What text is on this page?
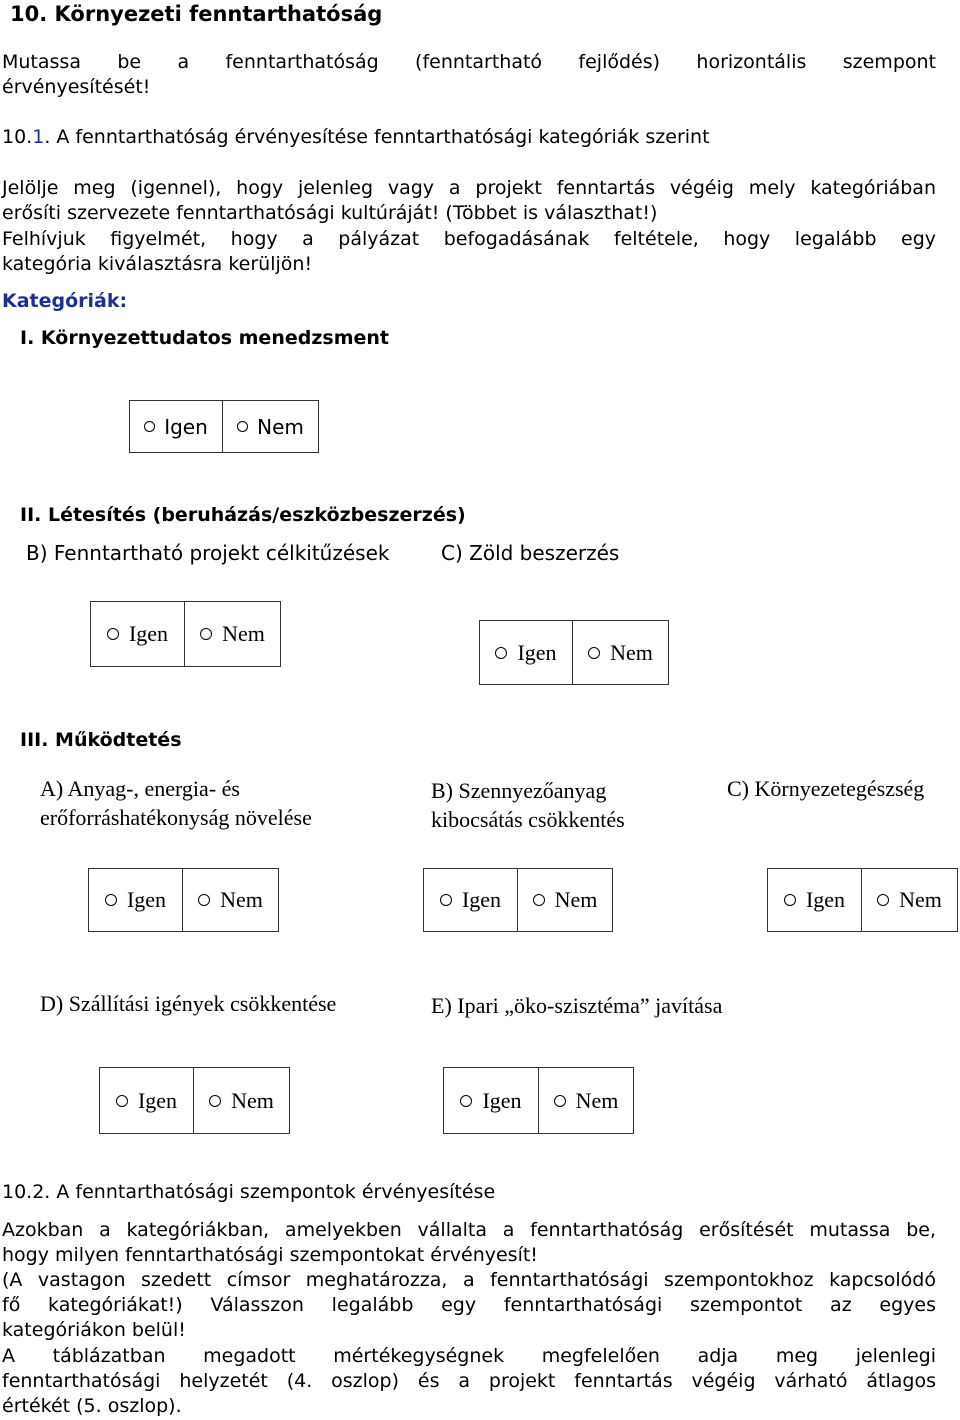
10. Környezeti fenntarthatóság
Mutassa be a fenntarthatóság (fenntartható fejlődés) horizontális szempont
érvényesítését!
10.1. A fenntarthatóság érvényesítése fenntarthatósági kategóriák szerint
Jelölje meg (igennel), hogy jelenleg vagy a projekt fenntartás végéig mely kategóriában
erősíti szervezete fenntarthatósági kultúráját! (Többet is választhat!)
Felhívjuk figyelmét, hogy a pályázat befogadásának feltétele, hogy legalább egy
kategória kiválasztásra kerüljön!
Kategóriák:
I. Környezettudatos menedzsment
Igen Nem
II. Létesítés (beruházás/eszközbeszerzés)
B) Fenntartható projekt célkitűzések	C) Zöld beszerzés
Igen Nem
Igen Nem
III. Működtetés
A) Anyag-, energia- és
erőforráshatékonyság növelése
B) Szennyezőanyag
kibocsátás csökkentés
C) Környezetegészség
Igen Nem	Igen Nem	Igen Nem
D) Szállítási igények csökkentése	E) Ipari „öko-szisztéma” javítása
Igen Nem	Igen Nem
10.2. A fenntarthatósági szempontok érvényesítése
Azokban a kategóriákban, amelyekben vállalta a fenntarthatóság erősítését mutassa be,
hogy milyen fenntarthatósági szempontokat érvényesít!
(A vastagon szedett címsor meghatározza, a fenntarthatósági szempontokhoz kapcsolódó
fő kategóriákat!) Válasszon legalább egy fenntarthatósági szempontot az egyes
kategóriákon belül!
A táblázatban megadott mértékegységnek megfelelően adja meg jelenlegi
fenntarthatósági helyzetét (4. oszlop) és a projekt fenntartás végéig várható átlagos
értékét (5. oszlop).
